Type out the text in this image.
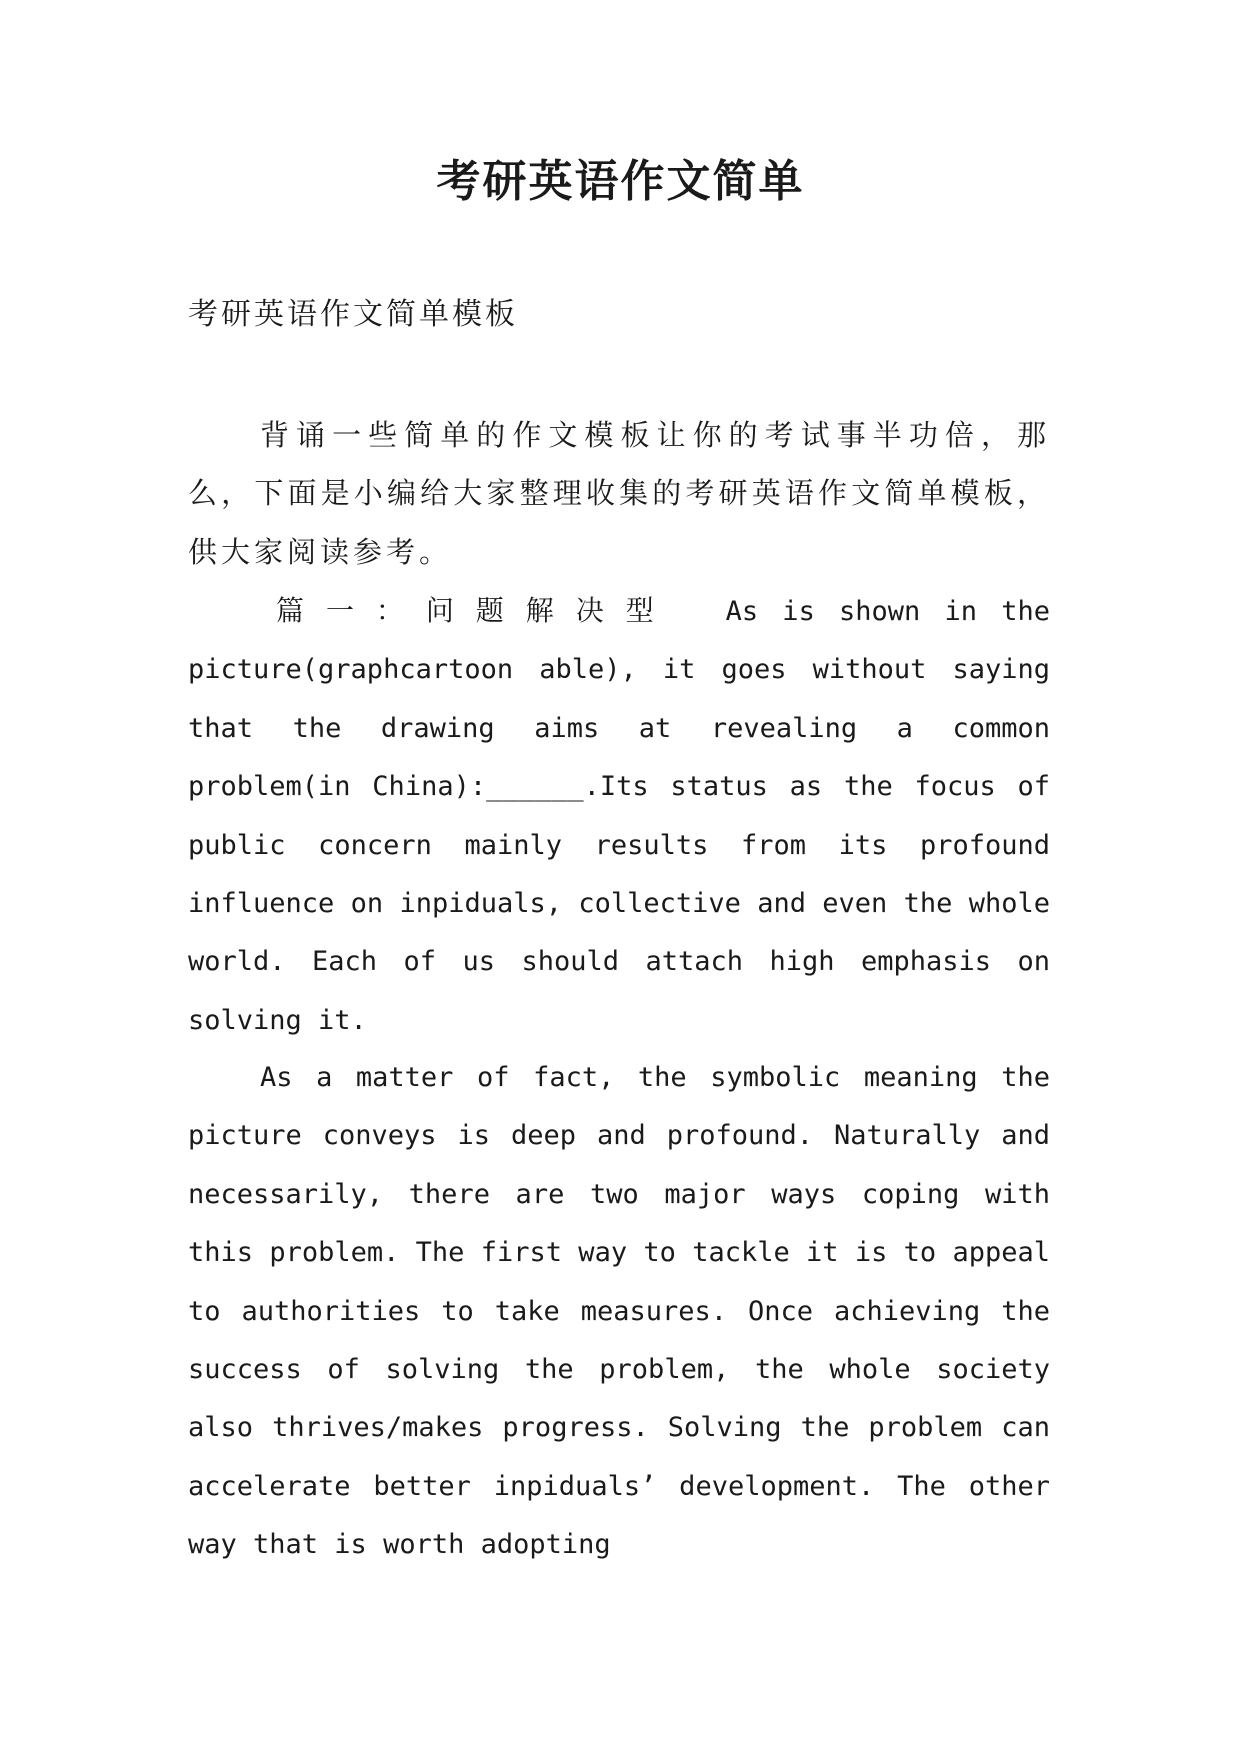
考研英语作文简单

考研英语作文简单模板

背诵一些简单的作文模板让你的考试事半功倍，那么，下面是小编给大家整理收集的考研英语作文简单模板，供大家阅读参考。

篇一：问题解决型 As is shown in the picture(graphcartoon able), it goes without saying that the drawing aims at revealing a common problem(in China):______.Its status as the focus of public concern mainly results from its profound influence on inpiduals, collective and even the whole world. Each of us should attach high emphasis on solving it.

As a matter of fact, the symbolic meaning the picture conveys is deep and profound. Naturally and necessarily, there are two major ways coping with this problem. The first way to tackle it is to appeal to authorities to take measures. Once achieving the success of solving the problem, the whole society also thrives/makes progress. Solving the problem can accelerate better inpiduals’ development. The other way that is worth adopting
